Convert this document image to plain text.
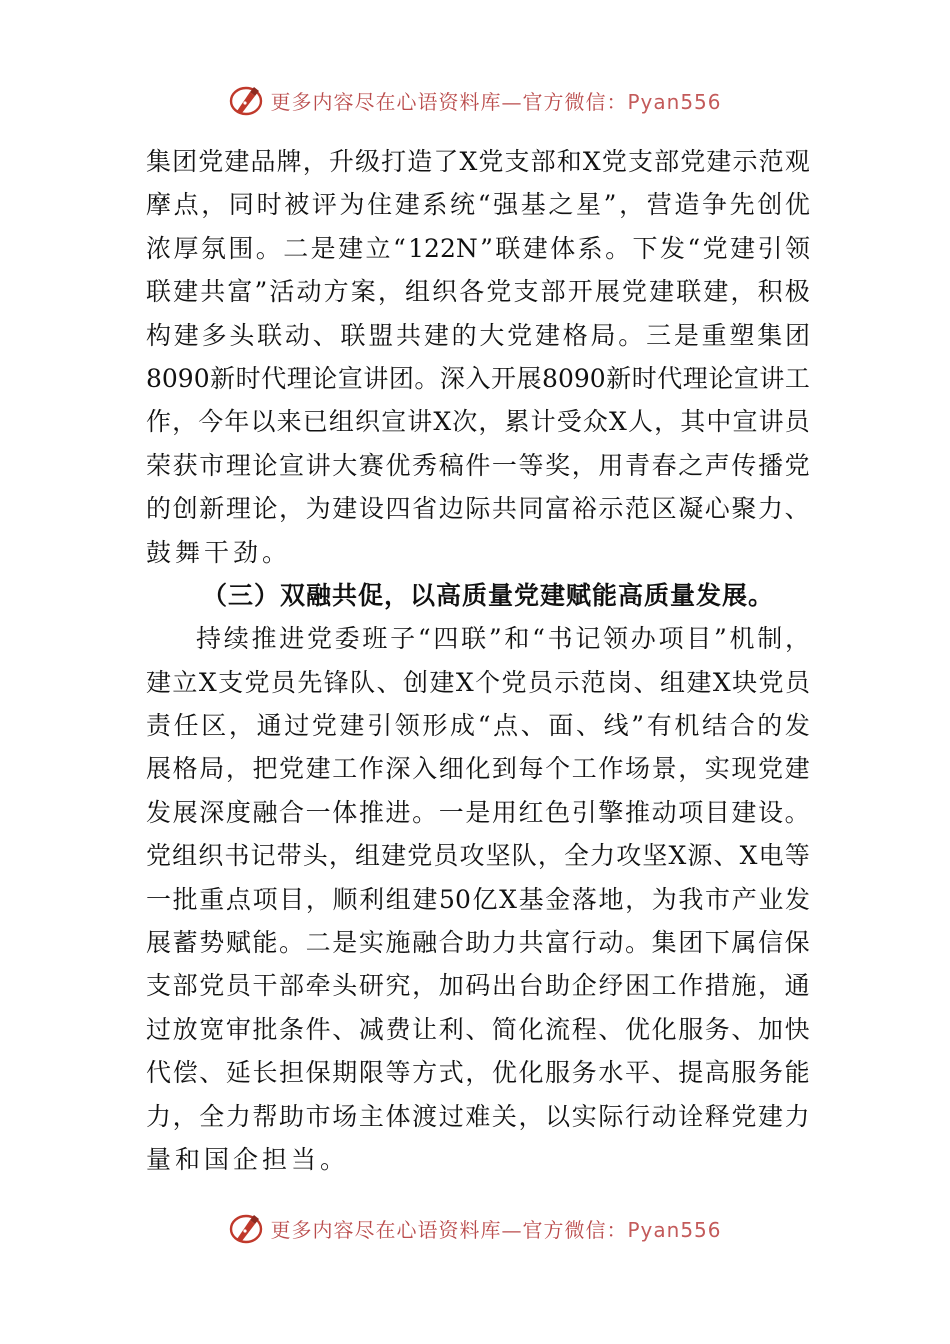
更多内容尽在心语资料库—官方微信：Pyan556
集 团 党 建 品 牌 ， 升 级 打 造 了 X 党 支 部 和 X 党 支 部 党 建 示 范 观
摩 点 ， 同 时 被 评 为 住 建 系 统 “ 强 基 之 星 ” ， 营 造 争 先 创 优
浓 厚 氛 围 。 二 是 建 立 “ 122N ” 联 建 体 系 。 下 发 “ 党 建 引 领
联 建 共 富 ” 活 动 方 案 ， 组 织 各 党 支 部 开 展 党 建 联 建 ， 积 极
构 建 多 头 联 动 、 联 盟 共 建 的 大 党 建 格 局 。 三 是 重 塑 集 团
8090 新 时 代 理 论 宣 讲 团 。 深 入 开 展 8090 新 时 代 理 论 宣 讲 工
作 ， 今 年 以 来 已 组 织 宣 讲 X 次 ， 累 计 受 众 X 人 ， 其 中 宣 讲 员
荣 获 市 理 论 宣 讲 大 赛 优 秀 稿 件 一 等 奖 ， 用 青 春 之 声 传 播 党
的 创 新 理 论 ， 为 建 设 四 省 边 际 共 同 富 裕 示 范 区 凝 心 聚 力 、
鼓舞干劲。
（三）双融共促，以高质量党建赋能高质量发展。
持 续 推 进 党 委 班 子 “ 四 联 ” 和 “ 书 记 领 办 项 目 ” 机 制 ，
建 立 X 支 党 员 先 锋 队 、 创 建 X 个 党 员 示 范 岗 、 组 建 X 块 党 员
责 任 区 ， 通 过 党 建 引 领 形 成 “ 点 、 面 、 线 ” 有 机 结 合 的 发
展 格 局 ， 把 党 建 工 作 深 入 细 化 到 每 个 工 作 场 景 ， 实 现 党 建
发 展 深 度 融 合 一 体 推 进 。 一 是 用 红 色 引 擎 推 动 项 目 建 设 。
党 组 织 书 记 带 头 ， 组 建 党 员 攻 坚 队 ， 全 力 攻 坚 X 源 、 X 电 等
一 批 重 点 项 目 ， 顺 利 组 建 50 亿 X 基 金 落 地 ， 为 我 市 产 业 发
展 蓄 势 赋 能 。 二 是 实 施 融 合 助 力 共 富 行 动 。 集 团 下 属 信 保
支 部 党 员 干 部 牵 头 研 究 ， 加 码 出 台 助 企 纾 困 工 作 措 施 ， 通
过 放 宽 审 批 条 件 、 减 费 让 利 、 简 化 流 程 、 优 化 服 务 、 加 快
代 偿 、 延 长 担 保 期 限 等 方 式 ， 优 化 服 务 水 平 、 提 高 服 务 能
力 ， 全 力 帮 助 市 场 主 体 渡 过 难 关 ， 以 实 际 行 动 诠 释 党 建 力
量和国企担当。
更多内容尽在心语资料库—官方微信：Pyan556
